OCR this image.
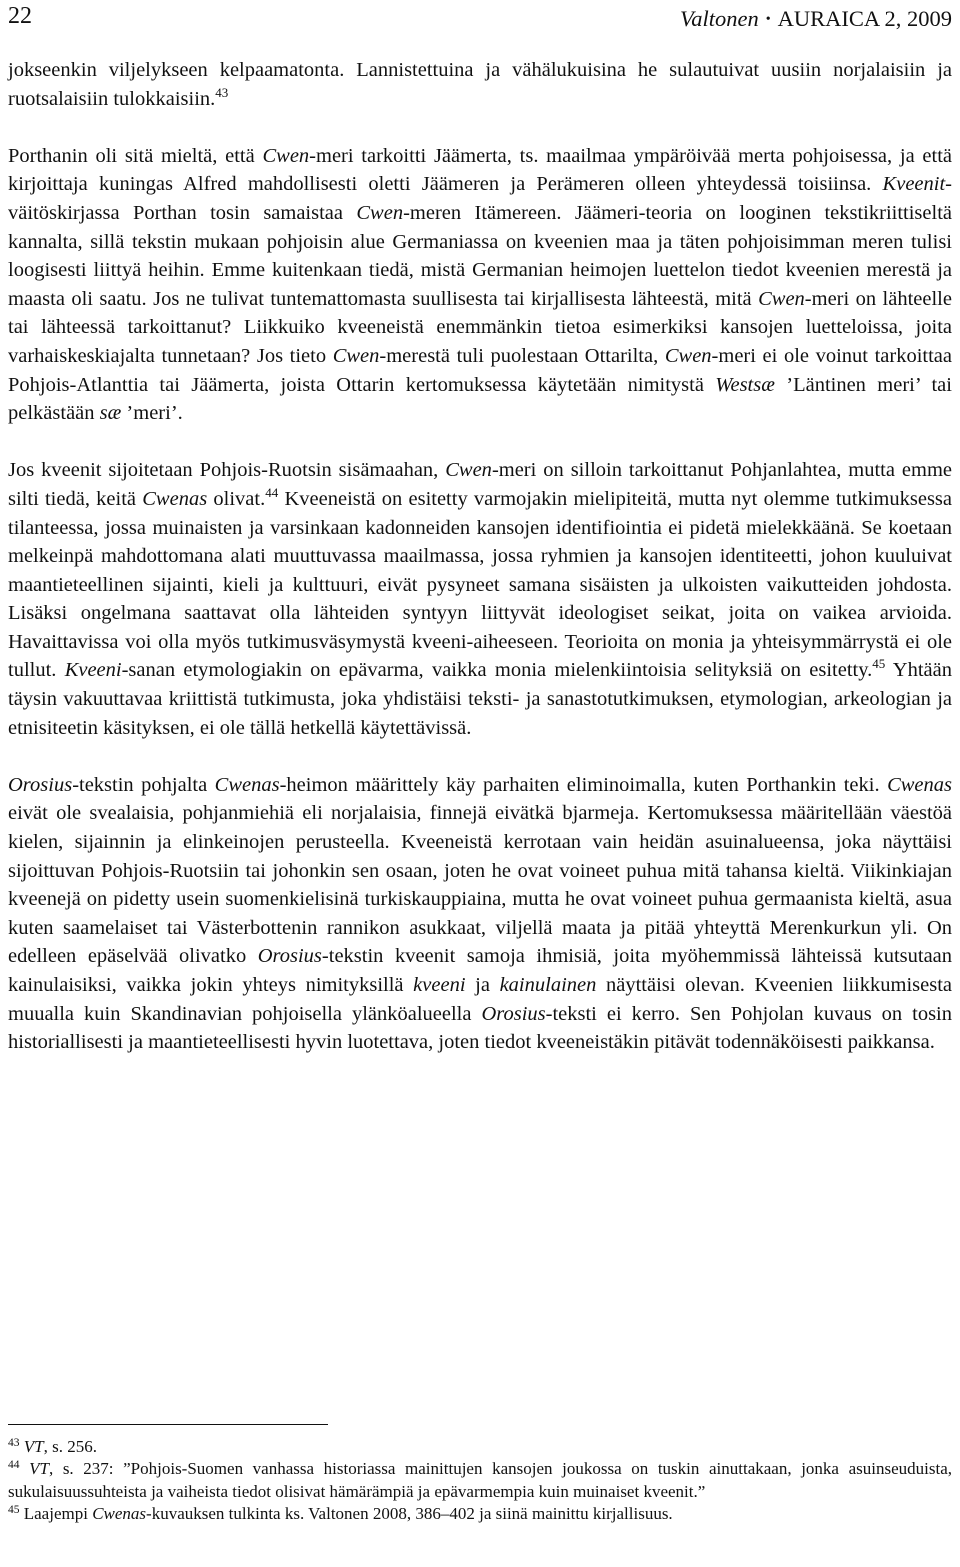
22	Valtonen • AURAICA 2, 2009

jokseenkin viljelykseen kelpaamatonta. Lannistettuina ja vähälukuisina he sulautuivat uusiin norjalaisiin ja ruotsalaisiin tulokkaisiin.$^{43}$

Porthanin oli sitä mieltä, että Cwen-meri tarkoitti Jäämerta, ts. maailmaa ympäröivää merta pohjoisessa, ja että kirjoittaja kuningas Alfred mahdollisesti oletti Jäämeren ja Perämeren olleen yhteydessä toisiinsa. Kveenit-väitöskirjassa Porthan tosin samaistaa Cwen-meren Itämereen. Jäämeri-teoria on looginen tekstikriittiseltä kannalta, sillä tekstin mukaan pohjoisin alue Germaniassa on kveenien maa ja täten pohjoisimman meren tulisi loogisesti liittyä heihin. Emme kuitenkaan tiedä, mistä Germanian heimojen luettelon tiedot kveenien merestä ja maasta oli saatu. Jos ne tulivat tuntemattomasta suullisesta tai kirjallisesta lähteestä, mitä Cwen-meri on lähteelle tai lähteessä tarkoittanut? Liikkuiko kveeneistä enemmänkin tietoa esimerkiksi kansojen luetteloissa, joita varhaiskeskiajalta tunnetaan? Jos tieto Cwen-merestä tuli puolestaan Ottarilta, Cwen-meri ei ole voinut tarkoittaa Pohjois-Atlanttia tai Jäämerta, joista Ottarin kertomuksessa käytetään nimitystä Westsæ ’Läntinen meri’ tai pelkästään sæ ’meri’.

Jos kveenit sijoitetaan Pohjois-Ruotsin sisämaahan, Cwen-meri on silloin tarkoittanut Pohjanlahtea, mutta emme silti tiedä, keitä Cwenas olivat.$^{44}$ Kveeneistä on esitetty varmojakin mielipiteitä, mutta nyt olemme tutkimuksessa tilanteessa, jossa muinaisten ja varsinkaan kadonneiden kansojen identifiointia ei pidetä mielekkäänä. Se koetaan melkeinpä mahdottomana alati muuttuvassa maailmassa, jossa ryhmien ja kansojen identiteetti, johon kuuluivat maantieteellinen sijainti, kieli ja kulttuuri, eivät pysyneet samana sisäisten ja ulkoisten vaikutteiden johdosta. Lisäksi ongelmana saattavat olla lähteiden syntyyn liittyvät ideologiset seikat, joita on vaikea arvioida. Havaittavissa voi olla myös tutkimusväsymystä kveeni-aiheeseen. Teorioita on monia ja yhteisymmärrystä ei ole tullut. Kveeni-sanan etymologiakin on epävarma, vaikka monia mielenkiintoisia selityksiä on esitetty.$^{45}$ Yhtään täysin vakuuttavaa kriittistä tutkimusta, joka yhdistäisi teksti- ja sanastotutkimuksen, etymologian, arkeologian ja etnisiteetin käsityksen, ei ole tällä hetkellä käytettävissä.

Orosius-tekstin pohjalta Cwenas-heimon määrittely käy parhaiten eliminoimalla, kuten Porthankin teki. Cwenas eivät ole svealaisia, pohjanmiehiä eli norjalaisia, finnejä eivätkä bjarmeja. Kertomuksessa määritellään väestöä kielen, sijainnin ja elinkeinojen perusteella. Kveeneistä kerrotaan vain heidän asuinalueensa, joka näyttäisi sijoittuvan Pohjois-Ruotsiin tai johonkin sen osaan, joten he ovat voineet puhua mitä tahansa kieltä. Viikinkiajan kveenejä on pidetty usein suomenkielisinä turkiskauppiaina, mutta he ovat voineet puhua germaanista kieltä, asua kuten saamelaiset tai Västerbottenin rannikon asukkaat, viljellä maata ja pitää yhteyttä Merenkurkun yli. On edelleen epäselvää olivatko Orosius-tekstin kveenit samoja ihmisiä, joita myöhemmissä lähteissä kutsutaan kainulaisiksi, vaikka jokin yhteys nimityksillä kveeni ja kainulainen näyttäisi olevan. Kveenien liikkumisesta muualla kuin Skandinavian pohjoisella ylänköalueella Orosius-teksti ei kerro. Sen Pohjolan kuvaus on tosin historiallisesti ja maantieteellisesti hyvin luotettava, joten tiedot kveeneistäkin pitävät todennäköisesti paikkansa.

$^{43}$ VT, s. 256.

$^{44}$ VT, s. 237: ”Pohjois-Suomen vanhassa historiassa mainittujen kansojen joukossa on tuskin ainuttakaan, jonka asuinseuduista, sukulaisuussuhteista ja vaiheista tiedot olisivat hämärämpiä ja epävarmempia kuin muinaiset kveenit.”

$^{45}$ Laajempi Cwenas-kuvauksen tulkinta ks. Valtonen 2008, 386–402 ja siinä mainittu kirjallisuus.
